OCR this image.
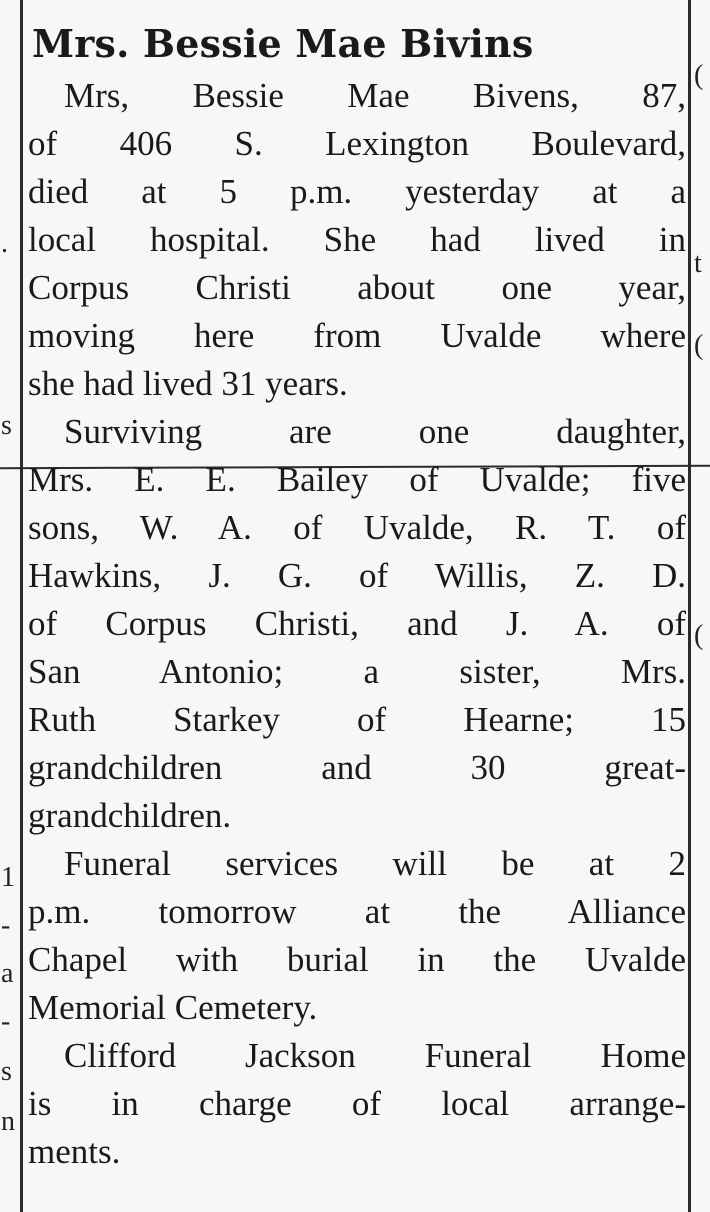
.
s
1
-
a
-
s
n
(
t
(
(
Mrs. Bessie Mae Bivins
Mrs, Bessie Mae Bivens, 87,
of 406 S. Lexington Boulevard,
died at 5 p.m. yesterday at a
local hospital. She had lived in
Corpus Christi about one year,
moving here from Uvalde where
she had lived 31 years.
Surviving are one daughter,
Mrs. E. E. Bailey of Uvalde; five
sons, W. A. of Uvalde, R. T. of
Hawkins, J. G. of Willis, Z. D.
of Corpus Christi, and J. A. of
San Antonio; a sister, Mrs.
Ruth Starkey of Hearne; 15
grandchildren and 30 great-
grandchildren.
Funeral services will be at 2
p.m. tomorrow at the Alliance
Chapel with burial in the Uvalde
Memorial Cemetery.
Clifford Jackson Funeral Home
is in charge of local arrange-
ments.
